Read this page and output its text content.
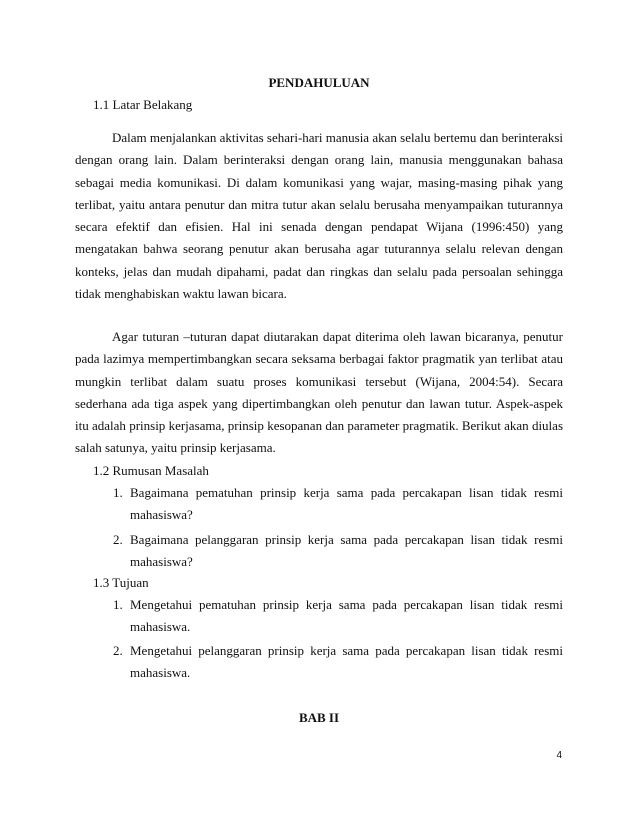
PENDAHULUAN
1.1 Latar Belakang

Dalam menjalankan aktivitas sehari-hari manusia akan selalu bertemu dan berinteraksi dengan orang lain. Dalam berinteraksi dengan orang lain, manusia menggunakan bahasa sebagai media komunikasi. Di dalam komunikasi yang wajar, masing-masing pihak yang terlibat, yaitu antara penutur dan mitra tutur akan selalu berusaha menyampaikan tuturannya secara efektif dan efisien. Hal ini senada dengan pendapat Wijana (1996:450) yang mengatakan bahwa seorang penutur akan berusaha agar tuturannya selalu relevan dengan konteks, jelas dan mudah dipahami, padat dan ringkas dan selalu pada persoalan sehingga tidak menghabiskan waktu lawan bicara.

Agar tuturan –tuturan dapat diutarakan dapat diterima oleh lawan bicaranya, penutur pada lazimya mempertimbangkan secara seksama berbagai faktor pragmatik yan terlibat atau mungkin terlibat dalam suatu proses komunikasi tersebut (Wijana, 2004:54). Secara sederhana ada tiga aspek yang dipertimbangkan oleh penutur dan lawan tutur. Aspek-aspek itu adalah prinsip kerjasama, prinsip kesopanan dan parameter pragmatik. Berikut akan diulas salah satunya, yaitu prinsip kerjasama.

1.2 Rumusan Masalah
1. Bagaimana pematuhan prinsip kerja sama pada percakapan lisan tidak resmi mahasiswa?
2. Bagaimana pelanggaran prinsip kerja sama pada percakapan lisan tidak resmi mahasiswa?
1.3 Tujuan
1. Mengetahui pematuhan prinsip kerja sama pada percakapan lisan tidak resmi mahasiswa.
2. Mengetahui pelanggaran prinsip kerja sama pada percakapan lisan tidak resmi mahasiswa.
BAB II
4
